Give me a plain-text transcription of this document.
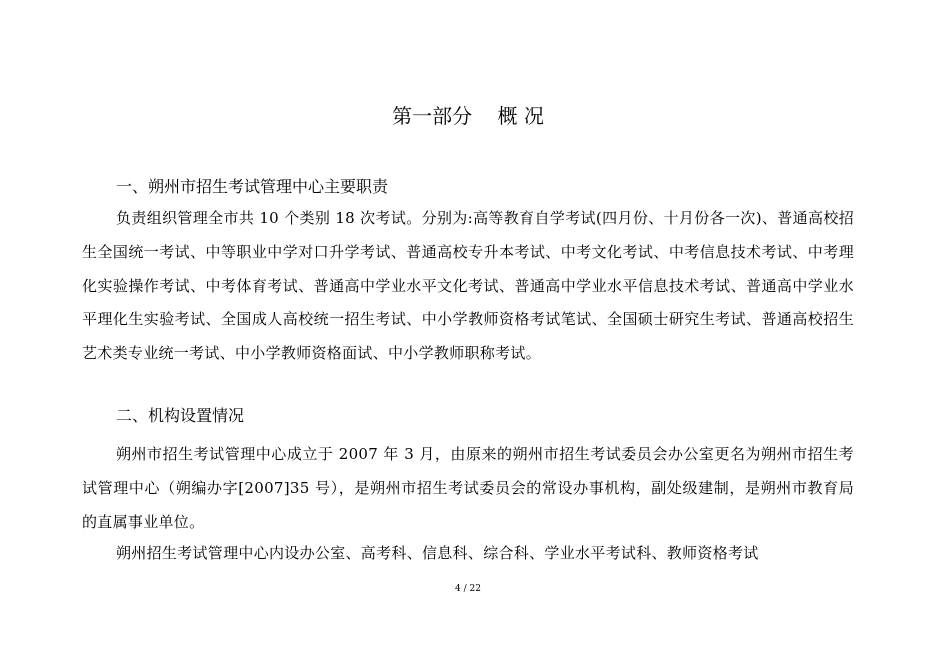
第一部分    概 况
一、朔州市招生考试管理中心主要职责

负责组织管理全市共 10 个类别 18 次考试。分别为:高等教育自学考试(四月份、十月份各一次)、普通高校招生全国统一考试、中等职业中学对口升学考试、普通高校专升本考试、中考文化考试、中考信息技术考试、中考理化实验操作考试、中考体育考试、普通高中学业水平文化考试、普通高中学业水平信息技术考试、普通高中学业水平理化生实验考试、全国成人高校统一招生考试、中小学教师资格考试笔试、全国硕士研究生考试、普通高校招生艺术类专业统一考试、中小学教师资格面试、中小学教师职称考试。

二、机构设置情况

朔州市招生考试管理中心成立于 2007 年 3 月，由原来的朔州市招生考试委员会办公室更名为朔州市招生考试管理中心（朔编办字[2007]35 号），是朔州市招生考试委员会的常设办事机构，副处级建制，是朔州市教育局的直属事业单位。

朔州招生考试管理中心内设办公室、高考科、信息科、综合科、学业水平考试科、教师资格考试

4 / 22
